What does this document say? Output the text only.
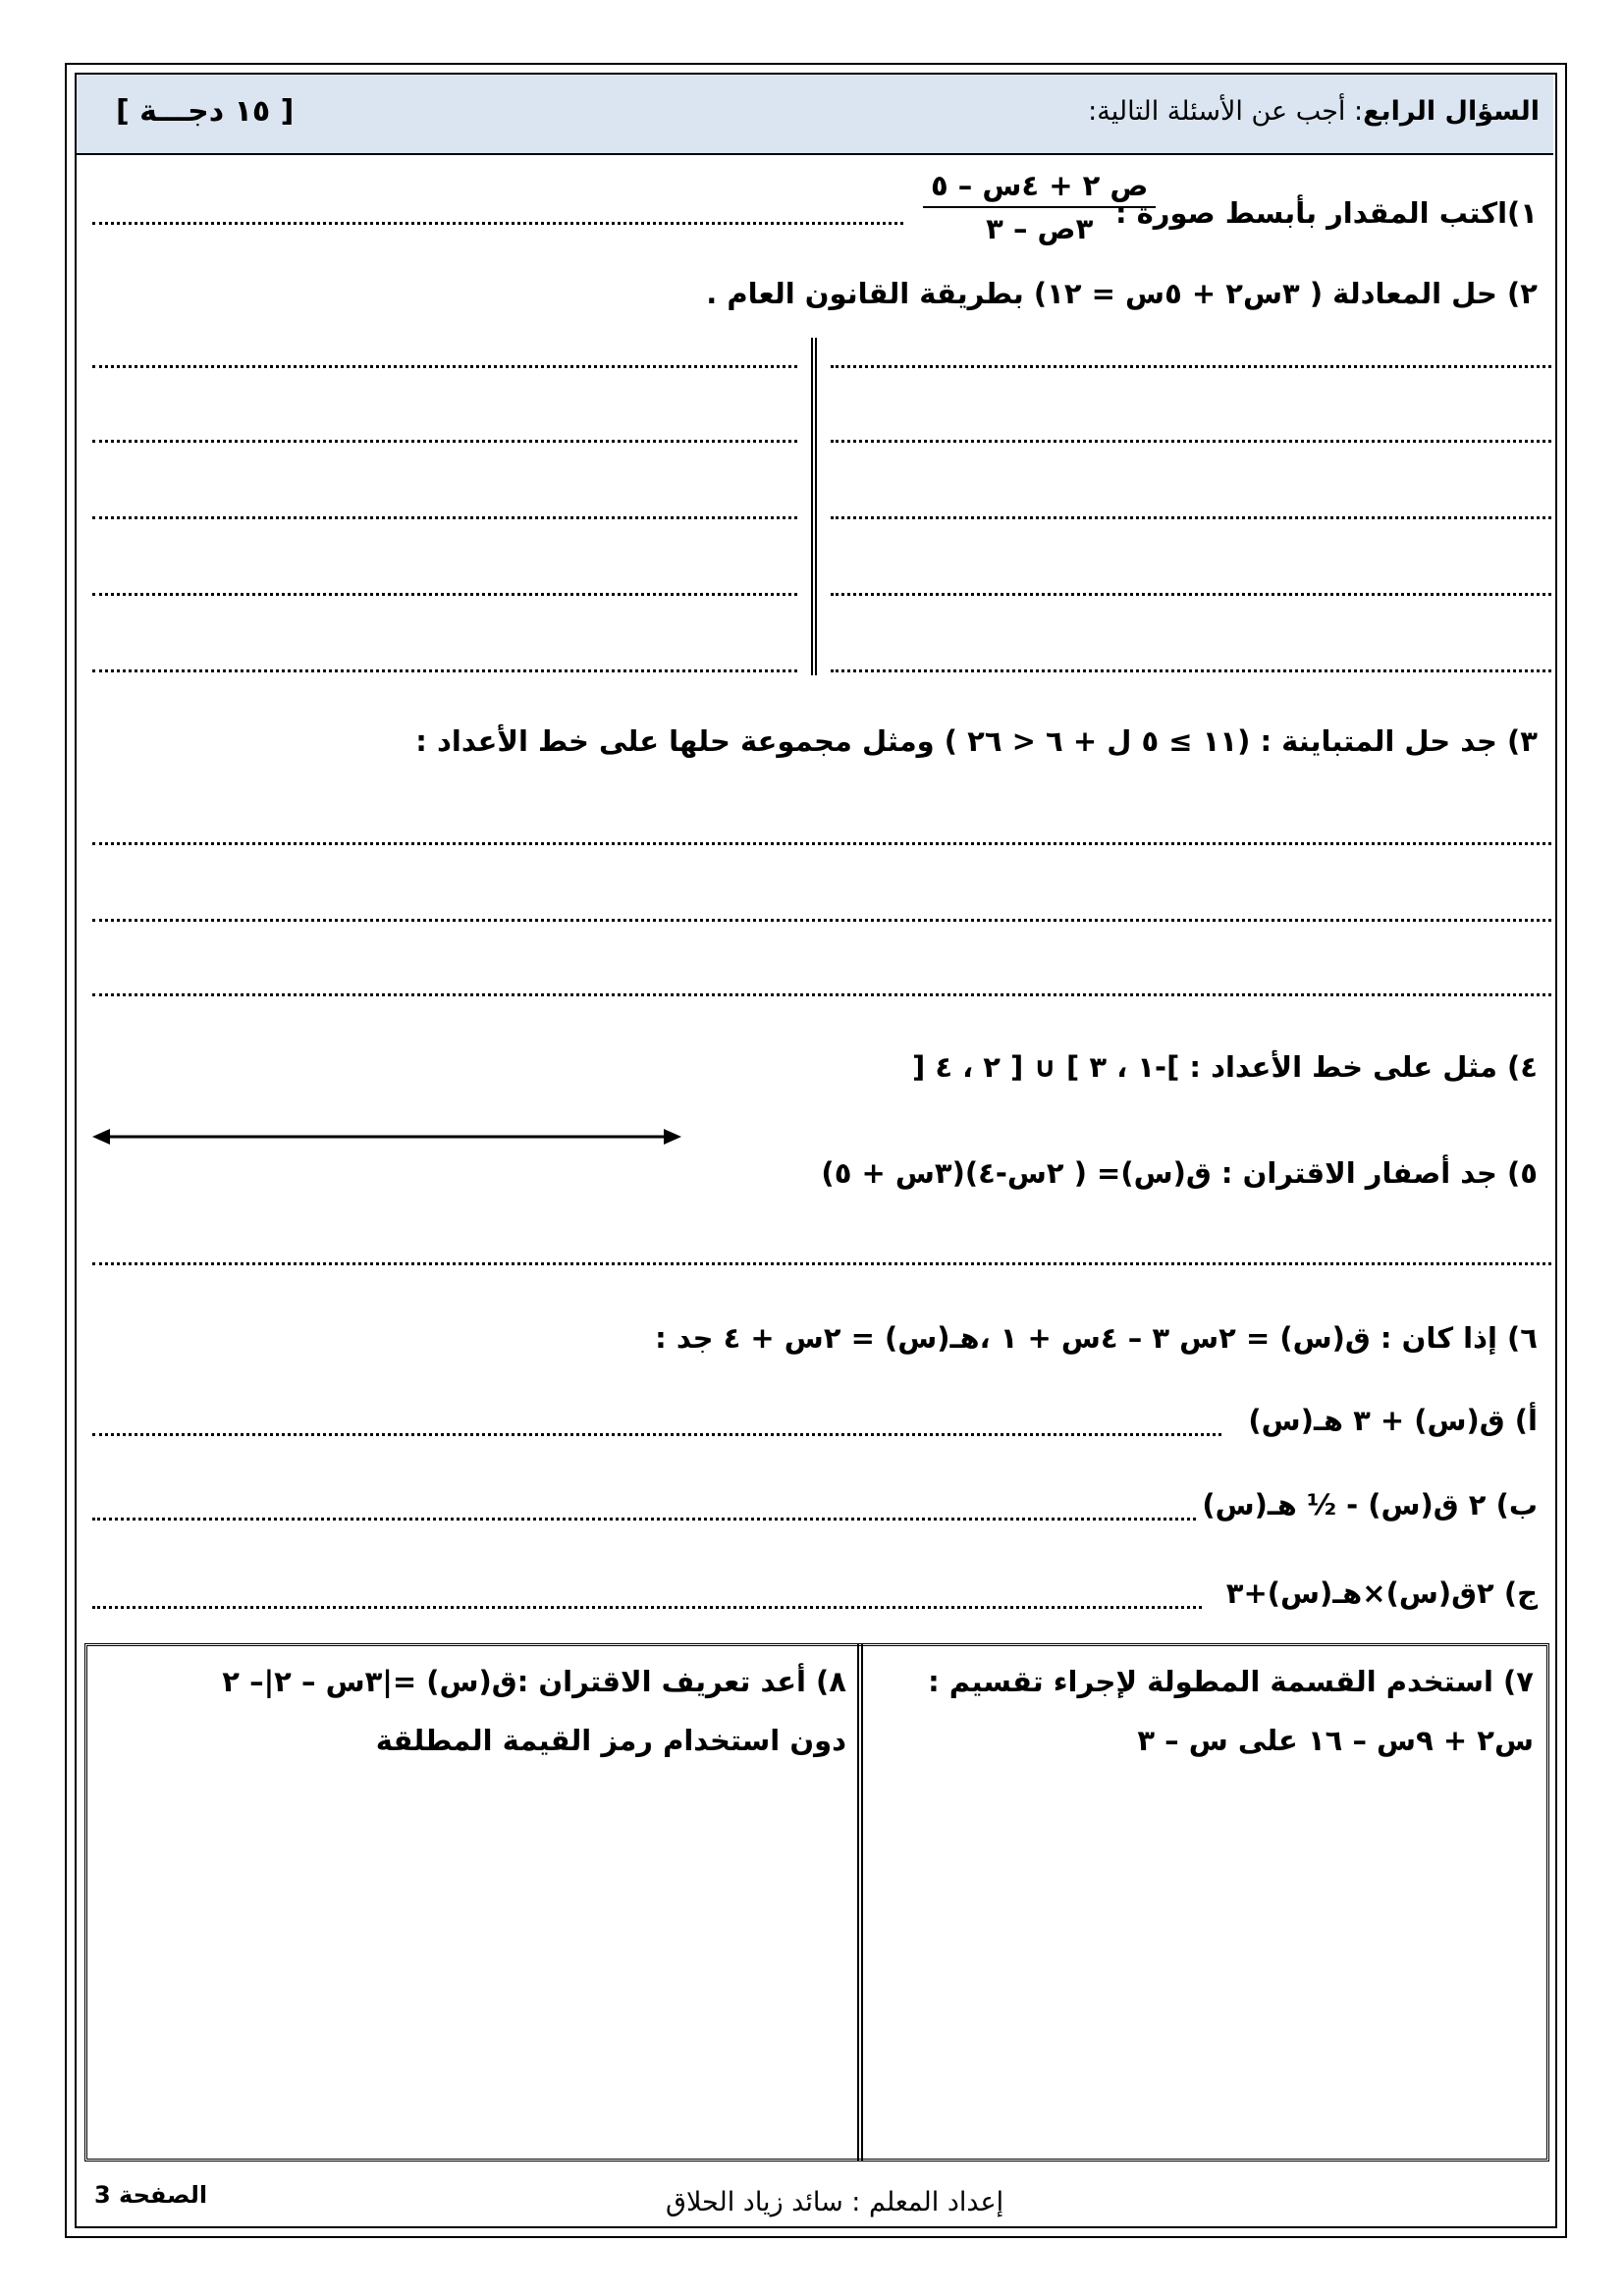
السؤال الرابع: أجب عن الأسئلة التالية:
[ ١٥ دجـــة ]
١)اكتب المقدار بأبسط صورة :
ص ٢ + ٤س – ٥
٣ص – ٣
٢) حل المعادلة ( ٣س٢ + ٥س = ١٢) بطريقة القانون العام .
٣) جد حل المتباينة : (١١ ≥ ٥ ل + ٦ < ٢٦ ) ومثل مجموعة حلها على خط الأعداد :
٤) مثل على خط الأعداد : ]-١ ، ٣ ] ∪ [ ٢ ، ٤ [
٥) جد أصفار الاقتران : ق(س)= ( ٢س-٤)(٣س + ٥)
٦) إذا كان : ق(س) = ٢س ٣ – ٤س + ١ ،هـ(س) = ٢س + ٤ جد :
أ) ق(س) + ٣ هـ(س)
ب) ٢ ق(س) - ½ هـ(س)
ج) ٢ق(س)×هـ(س)+٣
٧) استخدم القسمة المطولة لإجراء تقسيم :
س٢ + ٩س – ١٦ على س – ٣
٨) أعد تعريف الاقتران :ق(س) =|٣س – ٢|– ٢
دون استخدام رمز القيمة المطلقة
الصفحة 3	إعداد المعلم : سائد زياد الحلاق
